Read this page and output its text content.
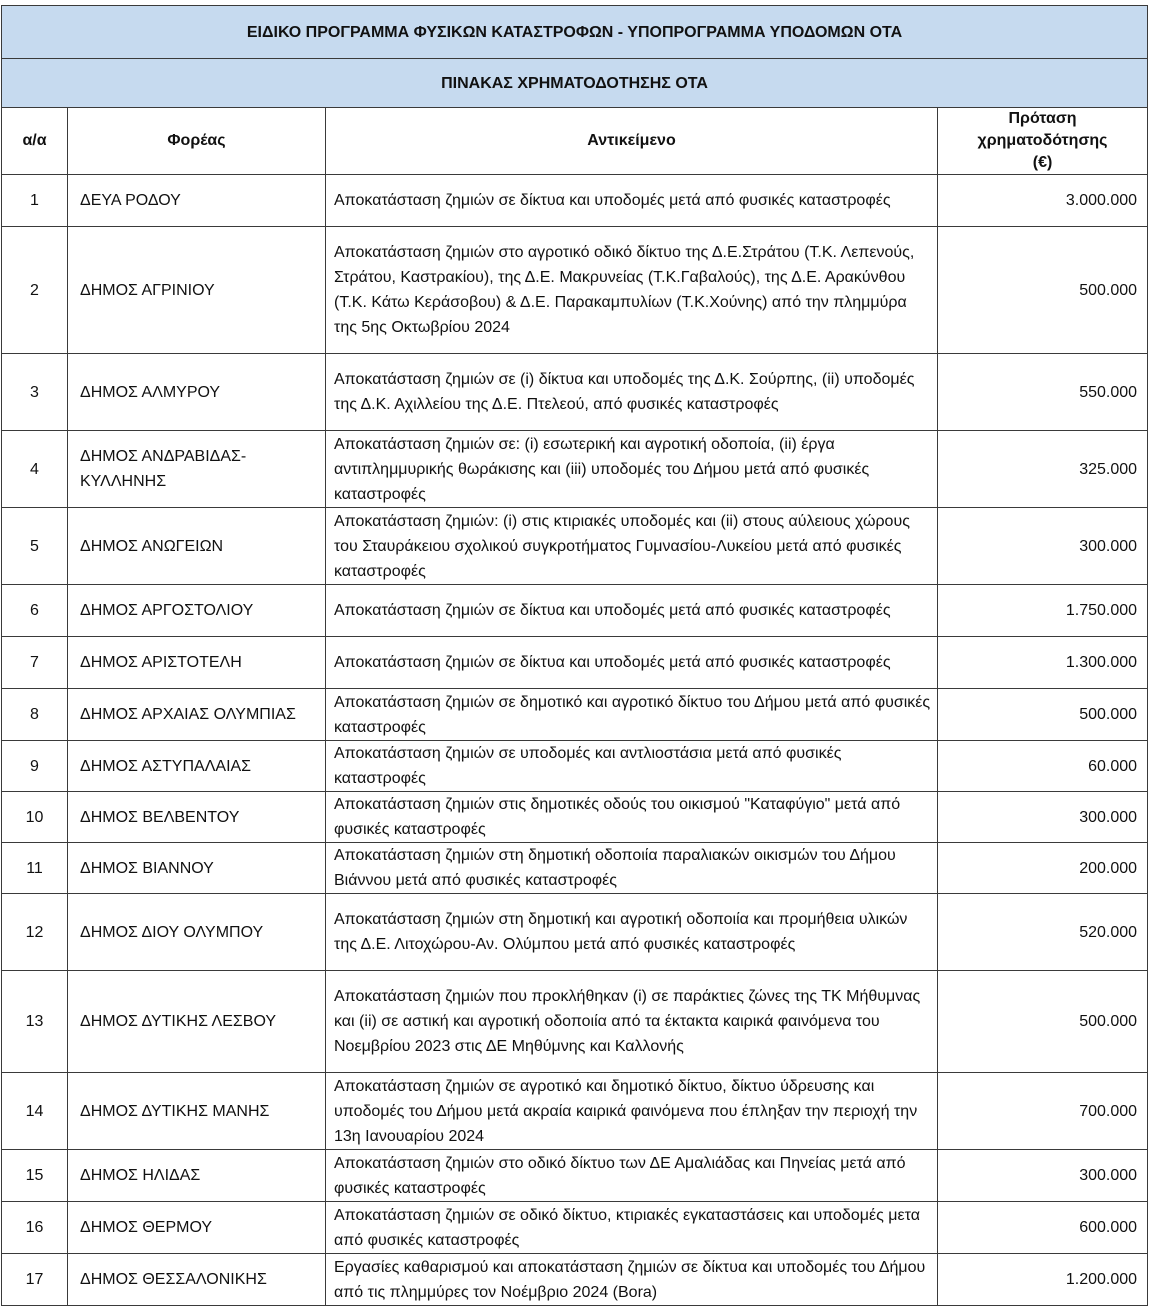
ΕΙΔΙΚΟ ΠΡΟΓΡΑΜΜΑ ΦΥΣΙΚΩΝ ΚΑΤΑΣΤΡΟΦΩΝ - ΥΠΟΠΡΟΓΡΑΜΜΑ ΥΠΟΔΟΜΩΝ ΟΤΑ			
ΠΙΝΑΚΑΣ ΧΡΗΜΑΤΟΔΟΤΗΣΗΣ ΟΤΑ			
α/α	Φορέας	Αντικείμενο	Πρόταση χρηματοδότησης (€)
1	ΔΕΥΑ ΡΟΔΟΥ	Αποκατάσταση ζημιών σε δίκτυα και υποδομές μετά από φυσικές καταστροφές	3.000.000
2	ΔΗΜΟΣ ΑΓΡΙΝΙΟΥ	Αποκατάσταση ζημιών στο αγροτικό οδικό δίκτυο της Δ.Ε.Στράτου (Τ.Κ. Λεπενούς, Στράτου, Καστρακίου), της Δ.Ε. Μακρυνείας (Τ.Κ.Γαβαλούς), της Δ.Ε. Αρακύνθου (Τ.Κ. Κάτω Κεράσοβου) & Δ.Ε. Παρακαμπυλίων (Τ.Κ.Χούνης) από την πλημμύρα της 5ης Οκτωβρίου 2024	500.000
3	ΔΗΜΟΣ ΑΛΜΥΡΟΥ	Αποκατάσταση ζημιών σε (i) δίκτυα και υποδομές της Δ.Κ. Σούρπης, (ii) υποδομές της Δ.Κ. Αχιλλείου της Δ.Ε. Πτελεού, από φυσικές καταστροφές	550.000
4	ΔΗΜΟΣ ΑΝΔΡΑΒΙΔΑΣ-ΚΥΛΛΗΝΗΣ	Αποκατάσταση ζημιών σε: (i) εσωτερική και αγροτική οδοποία, (ii) έργα αντιπλημμυρικής θωράκισης και (iii) υποδομές του Δήμου μετά από φυσικές καταστροφές	325.000
5	ΔΗΜΟΣ ΑΝΩΓΕΙΩΝ	Αποκατάσταση ζημιών: (i) στις κτιριακές υποδομές και (ii) στους αύλειους χώρους του Σταυράκειου σχολικού συγκροτήματος Γυμνασίου-Λυκείου μετά από φυσικές καταστροφές	300.000
6	ΔΗΜΟΣ ΑΡΓΟΣΤΟΛΙΟΥ	Αποκατάσταση ζημιών σε δίκτυα και υποδομές μετά από φυσικές καταστροφές	1.750.000
7	ΔΗΜΟΣ ΑΡΙΣΤΟΤΕΛΗ	Αποκατάσταση ζημιών σε δίκτυα και υποδομές μετά από φυσικές καταστροφές	1.300.000
8	ΔΗΜΟΣ ΑΡΧΑΙΑΣ ΟΛΥΜΠΙΑΣ	Αποκατάσταση ζημιών σε δημοτικό και αγροτικό δίκτυο του Δήμου μετά από φυσικές καταστροφές	500.000
9	ΔΗΜΟΣ ΑΣΤΥΠΑΛΑΙΑΣ	Αποκατάσταση ζημιών σε υποδομές και αντλιοστάσια μετά από φυσικές καταστροφές	60.000
10	ΔΗΜΟΣ ΒΕΛΒΕΝΤΟΥ	Αποκατάσταση ζημιών στις δημοτικές οδούς του οικισμού "Καταφύγιο" μετά από φυσικές καταστροφές	300.000
11	ΔΗΜΟΣ ΒΙΑΝΝΟΥ	Αποκατάσταση ζημιών στη δημοτική οδοποιία παραλιακών οικισμών του Δήμου Βιάννου μετά από φυσικές καταστροφές	200.000
12	ΔΗΜΟΣ ΔΙΟΥ ΟΛΥΜΠΟΥ	Αποκατάσταση ζημιών στη δημοτική και αγροτική οδοποιία και προμήθεια υλικών της Δ.Ε. Λιτοχώρου-Αν. Ολύμπου μετά από φυσικές καταστροφές	520.000
13	ΔΗΜΟΣ ΔΥΤΙΚΗΣ ΛΕΣΒΟΥ	Αποκατάσταση ζημιών που προκλήθηκαν (i) σε παράκτιες ζώνες της ΤΚ Μήθυμνας και (ii) σε αστική και αγροτική οδοποιία από τα έκτακτα καιρικά φαινόμενα του Νοεμβρίου 2023 στις ΔΕ Μηθύμνης και Καλλονής	500.000
14	ΔΗΜΟΣ ΔΥΤΙΚΗΣ ΜΑΝΗΣ	Αποκατάσταση ζημιών σε αγροτικό και δημοτικό δίκτυο, δίκτυο ύδρευσης και υποδομές του Δήμου μετά ακραία καιρικά φαινόμενα που έπληξαν την περιοχή την 13η Ιανουαρίου 2024	700.000
15	ΔΗΜΟΣ ΗΛΙΔΑΣ	Αποκατάσταση ζημιών στο οδικό δίκτυο των ΔΕ Αμαλιάδας και Πηνείας μετά από φυσικές καταστροφές	300.000
16	ΔΗΜΟΣ ΘΕΡΜΟΥ	Αποκατάσταση ζημιών σε οδικό δίκτυο, κτιριακές εγκαταστάσεις και υποδομές μετα από φυσικές καταστροφές	600.000
17	ΔΗΜΟΣ ΘΕΣΣΑΛΟΝΙΚΗΣ	Εργασίες καθαρισμού και αποκατάσταση ζημιών σε δίκτυα και υποδομές του Δήμου από τις πλημμύρες τον Νοέμβριο 2024 (Bora)	1.200.000
